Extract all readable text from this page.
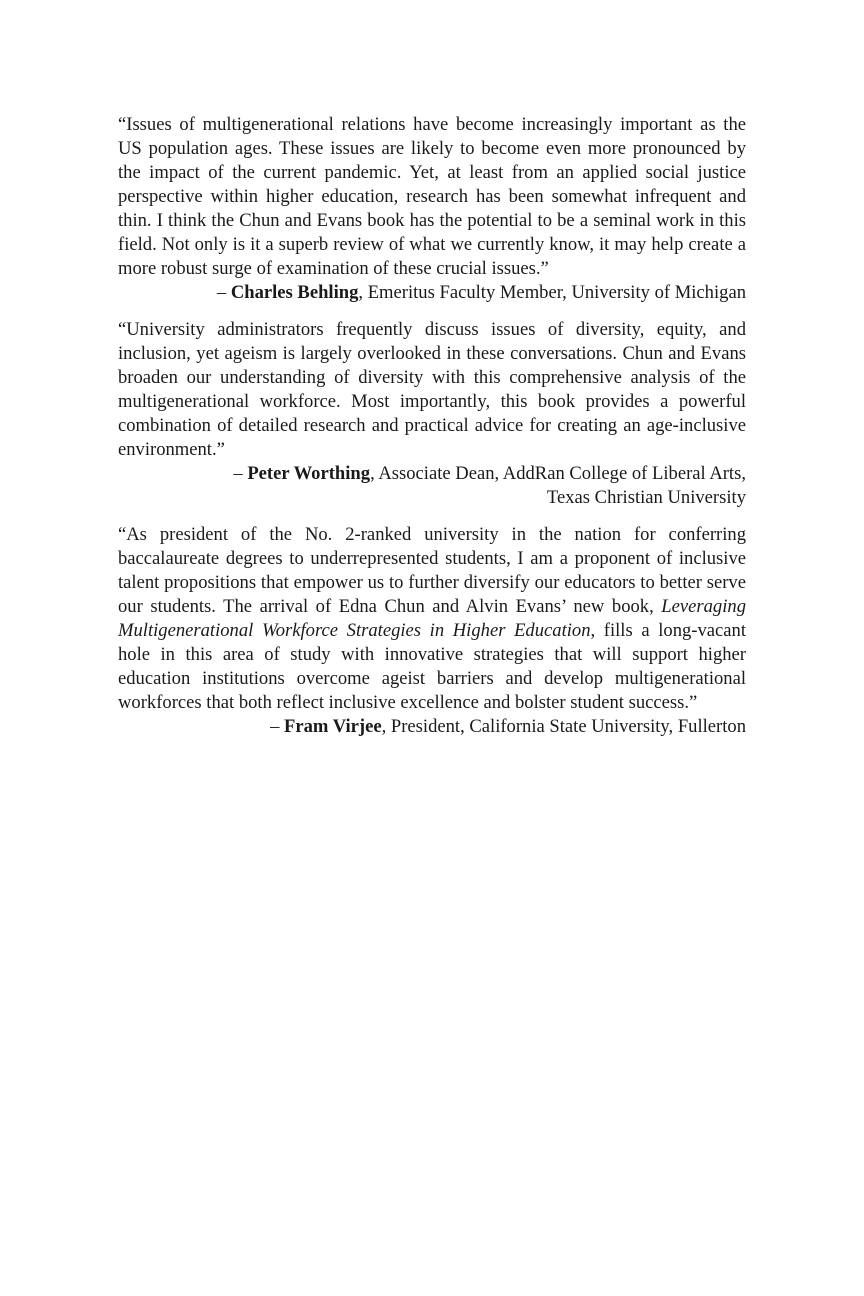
“Issues of multigenerational relations have become increasingly important as the US population ages. These issues are likely to become even more pronounced by the impact of the current pandemic. Yet, at least from an applied social justice perspective within higher education, research has been somewhat infrequent and thin. I think the Chun and Evans book has the potential to be a seminal work in this field. Not only is it a superb review of what we currently know, it may help create a more robust surge of examination of these crucial issues.”

– Charles Behling, Emeritus Faculty Member, University of Michigan

“University administrators frequently discuss issues of diversity, equity, and inclusion, yet ageism is largely overlooked in these conversations. Chun and Evans broaden our understanding of diversity with this comprehensive analysis of the multigenerational workforce. Most importantly, this book provides a powerful combination of detailed research and practical advice for creating an age-inclusive environment.”

– Peter Worthing, Associate Dean, AddRan College of Liberal Arts,

Texas Christian University

“As president of the No. 2-ranked university in the nation for conferring baccalaureate degrees to underrepresented students, I am a proponent of inclusive talent propositions that empower us to further diversify our educators to better serve our students. The arrival of Edna Chun and Alvin Evans’ new book, Leveraging Multigenerational Workforce Strategies in Higher Education, fills a long-vacant hole in this area of study with innovative strategies that will support higher education institutions overcome ageist barriers and develop multigenerational workforces that both reflect inclusive excellence and bolster student success.”

– Fram Virjee, President, California State University, Fullerton
